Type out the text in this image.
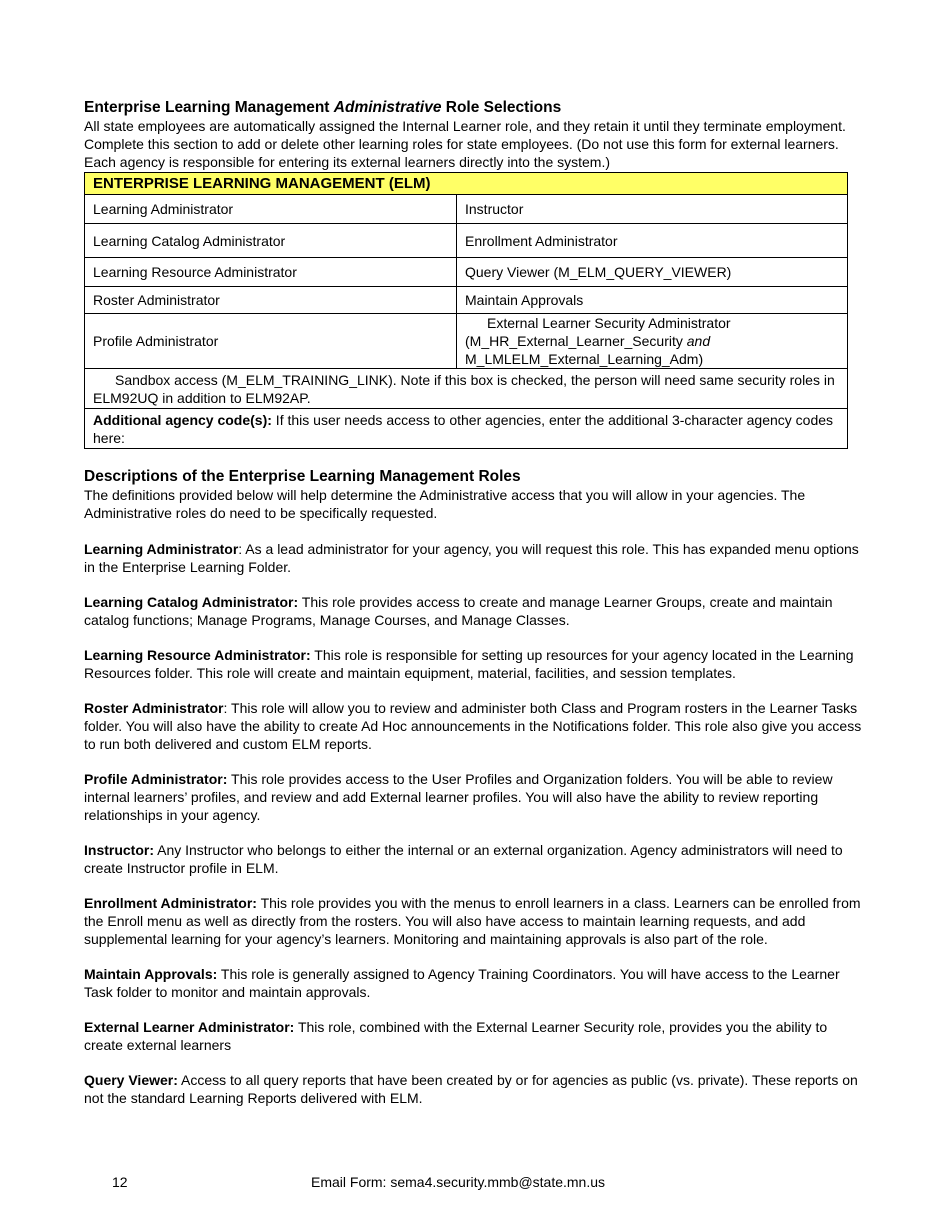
Enterprise Learning Management Administrative Role Selections
All state employees are automatically assigned the Internal Learner role, and they retain it until they terminate employment. Complete this section to add or delete other learning roles for state employees. (Do not use this form for external learners. Each agency is responsible for entering its external learners directly into the system.)
ENTERPRISE LEARNING MANAGEMENT (ELM)	
Learning Administrator	Instructor
Learning Catalog Administrator	Enrollment Administrator
Learning Resource Administrator	Query Viewer (M_ELM_QUERY_VIEWER)
Roster Administrator	Maintain Approvals
Profile Administrator	External Learner Security Administrator
(M_HR_External_Learner_Security and
M_LMLELM_External_Learning_Adm)

Sandbox access (M_ELM_TRAINING_LINK). Note if this box is checked, the person will need same security roles in ELM92UQ in addition to ELM92AP.	
Additional agency code(s): If this user needs access to other agencies, enter the additional 3-character agency codes here:	
Descriptions of the Enterprise Learning Management Roles
The definitions provided below will help determine the Administrative access that you will allow in your agencies. The Administrative roles do need to be specifically requested.
Learning Administrator: As a lead administrator for your agency, you will request this role. This has expanded menu options in the Enterprise Learning Folder.
Learning Catalog Administrator: This role provides access to create and manage Learner Groups, create and maintain catalog functions; Manage Programs, Manage Courses, and Manage Classes.
Learning Resource Administrator: This role is responsible for setting up resources for your agency located in the Learning Resources folder. This role will create and maintain equipment, material, facilities, and session templates.
Roster Administrator: This role will allow you to review and administer both Class and Program rosters in the Learner Tasks folder. You will also have the ability to create Ad Hoc announcements in the Notifications folder. This role also give you access to run both delivered and custom ELM reports.
Profile Administrator: This role provides access to the User Profiles and Organization folders. You will be able to review internal learners’ profiles, and review and add External learner profiles. You will also have the ability to review reporting relationships in your agency.
Instructor: Any Instructor who belongs to either the internal or an external organization. Agency administrators will need to create Instructor profile in ELM.
Enrollment Administrator: This role provides you with the menus to enroll learners in a class. Learners can be enrolled from the Enroll menu as well as directly from the rosters. You will also have access to maintain learning requests, and add supplemental learning for your agency’s learners. Monitoring and maintaining approvals is also part of the role.
Maintain Approvals: This role is generally assigned to Agency Training Coordinators. You will have access to the Learner Task folder to monitor and maintain approvals.
External Learner Administrator: This role, combined with the External Learner Security role, provides you the ability to create external learners
Query Viewer: Access to all query reports that have been created by or for agencies as public (vs. private). These reports on not the standard Learning Reports delivered with ELM.
12	Email Form: sema4.security.mmb@state.mn.us
